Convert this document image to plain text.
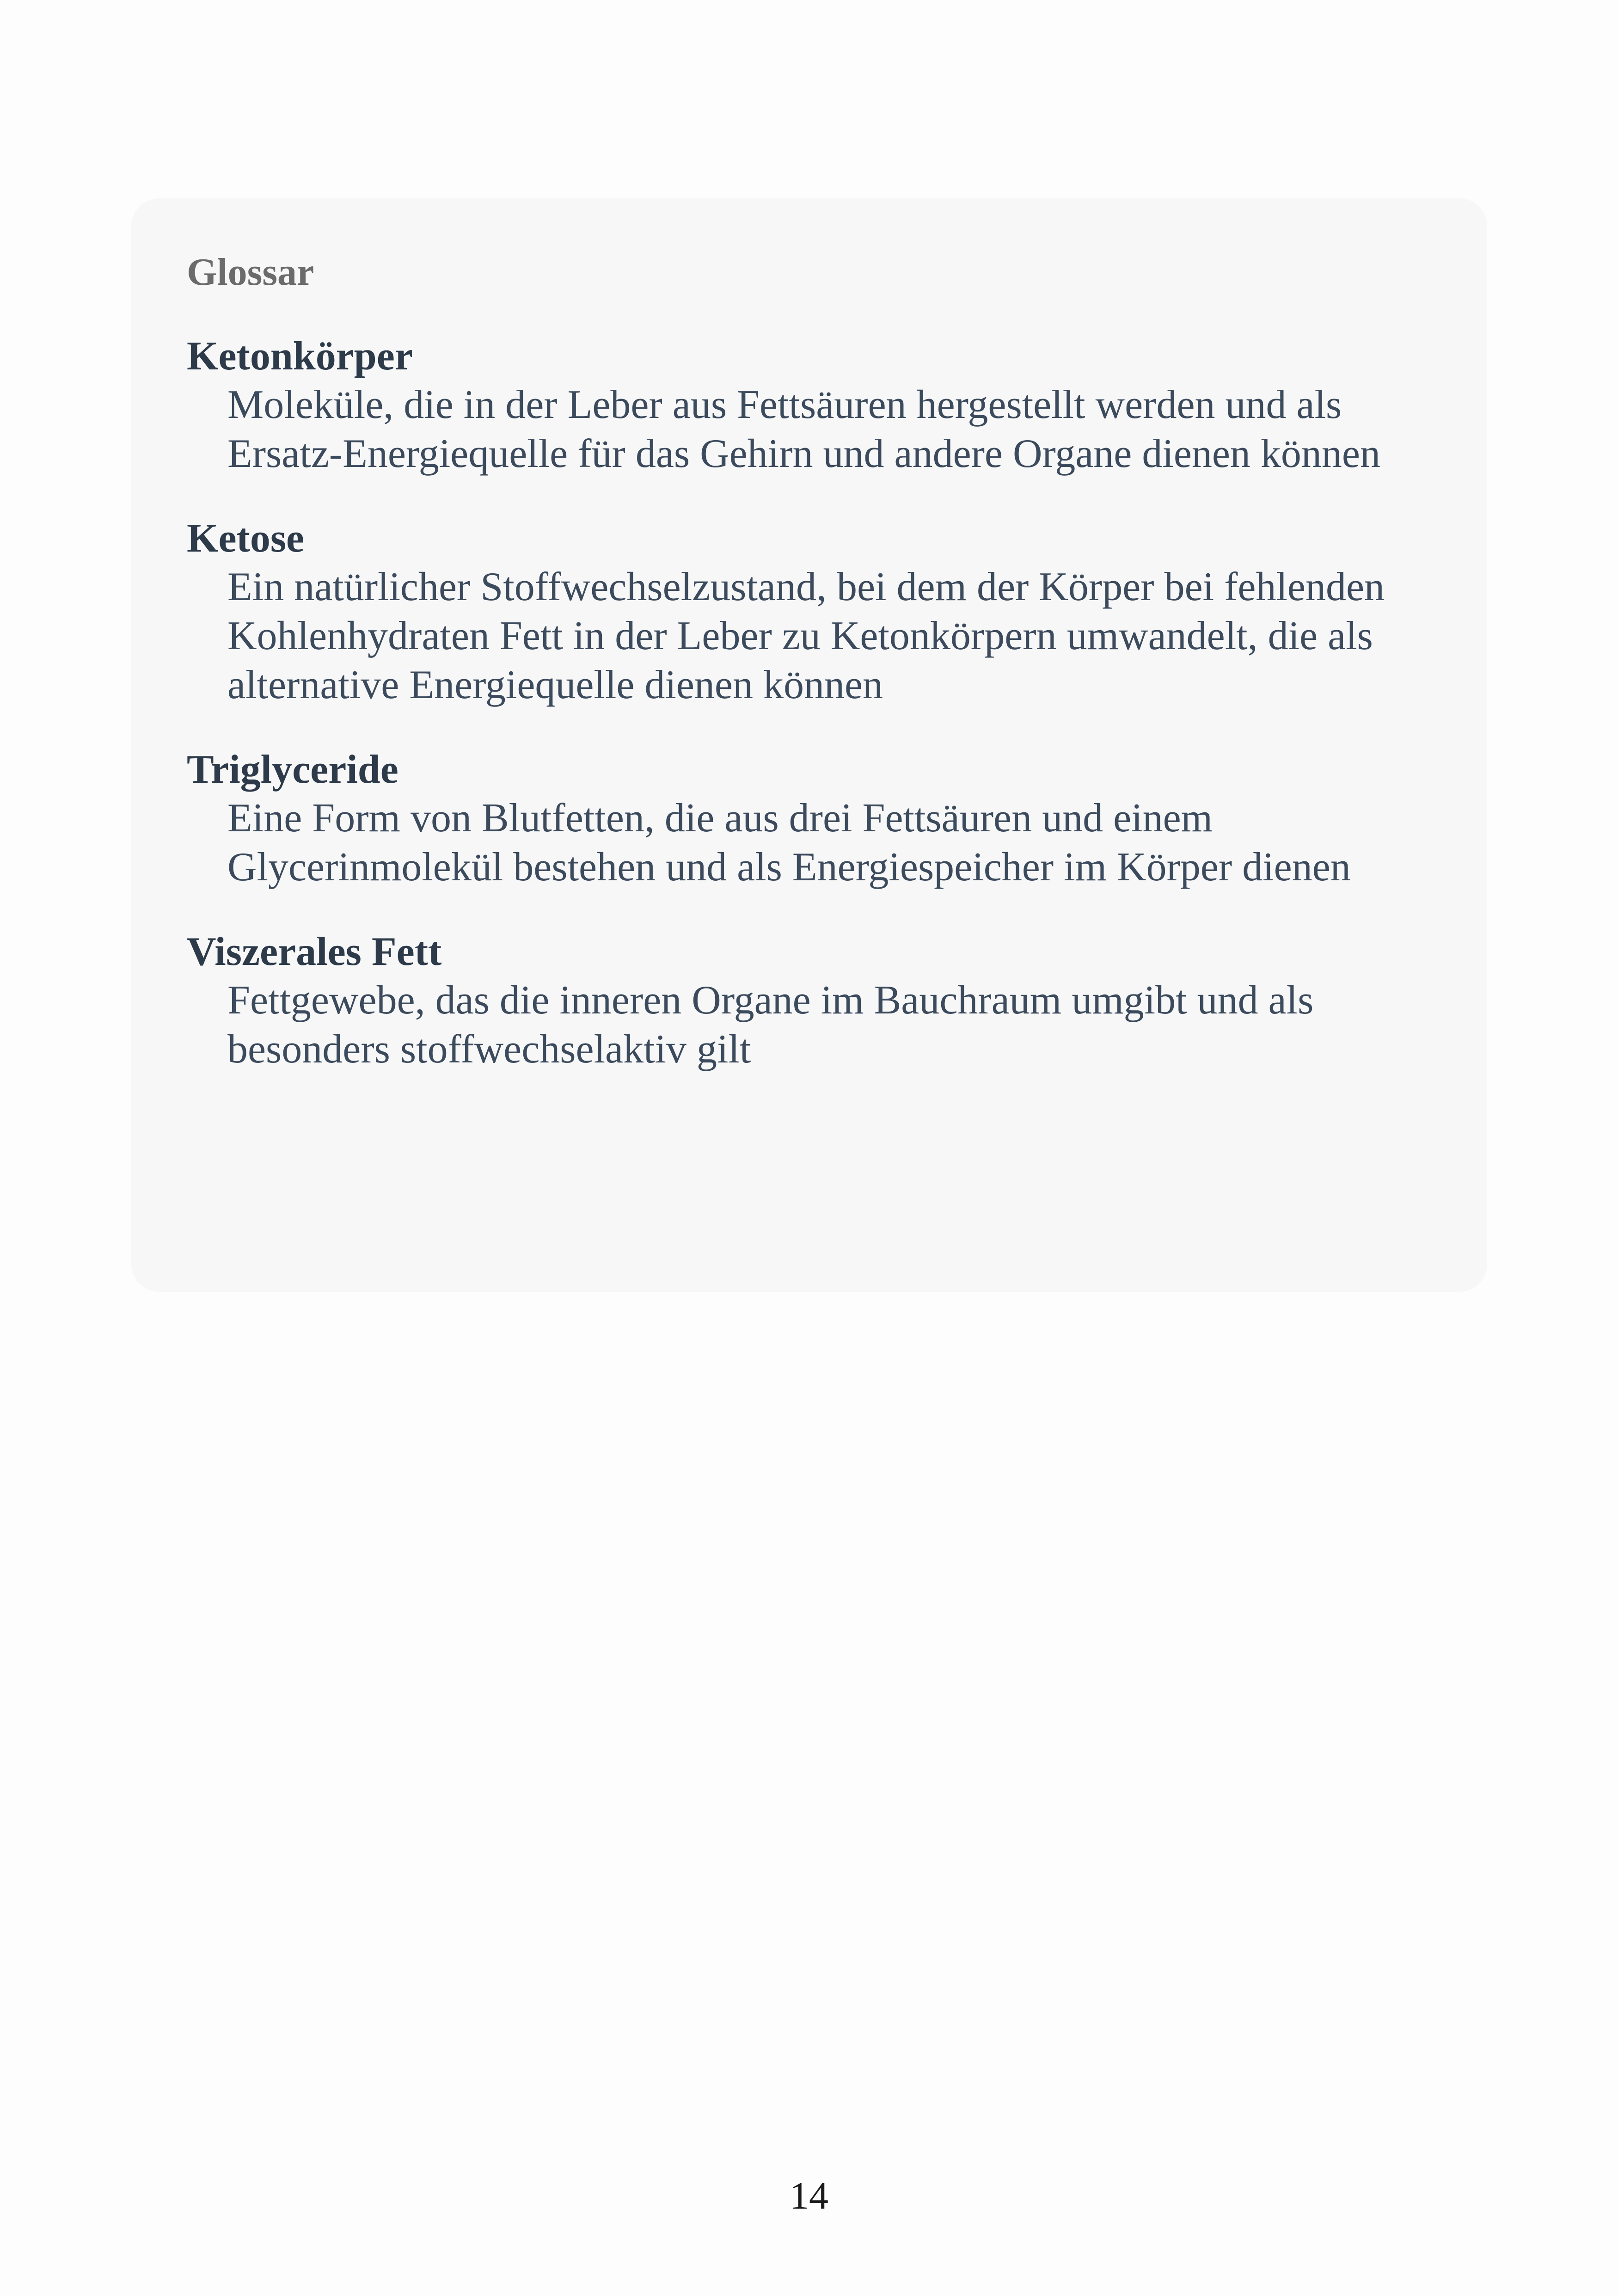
Glossar
Ketonkörper
Moleküle, die in der Leber aus Fettsäuren hergestellt werden und als Ersatz-Energiequelle für das Gehirn und andere Organe dienen können
Ketose
Ein natürlicher Stoffwechselzustand, bei dem der Körper bei fehlenden Kohlenhydraten Fett in der Leber zu Ketonkörpern umwandelt, die als alternative Energiequelle dienen können
Triglyceride
Eine Form von Blutfetten, die aus drei Fettsäuren und einem Glycerinmolekül bestehen und als Energiespeicher im Körper dienen
Viszerales Fett
Fettgewebe, das die inneren Organe im Bauchraum umgibt und als besonders stoffwechselaktiv gilt
14
